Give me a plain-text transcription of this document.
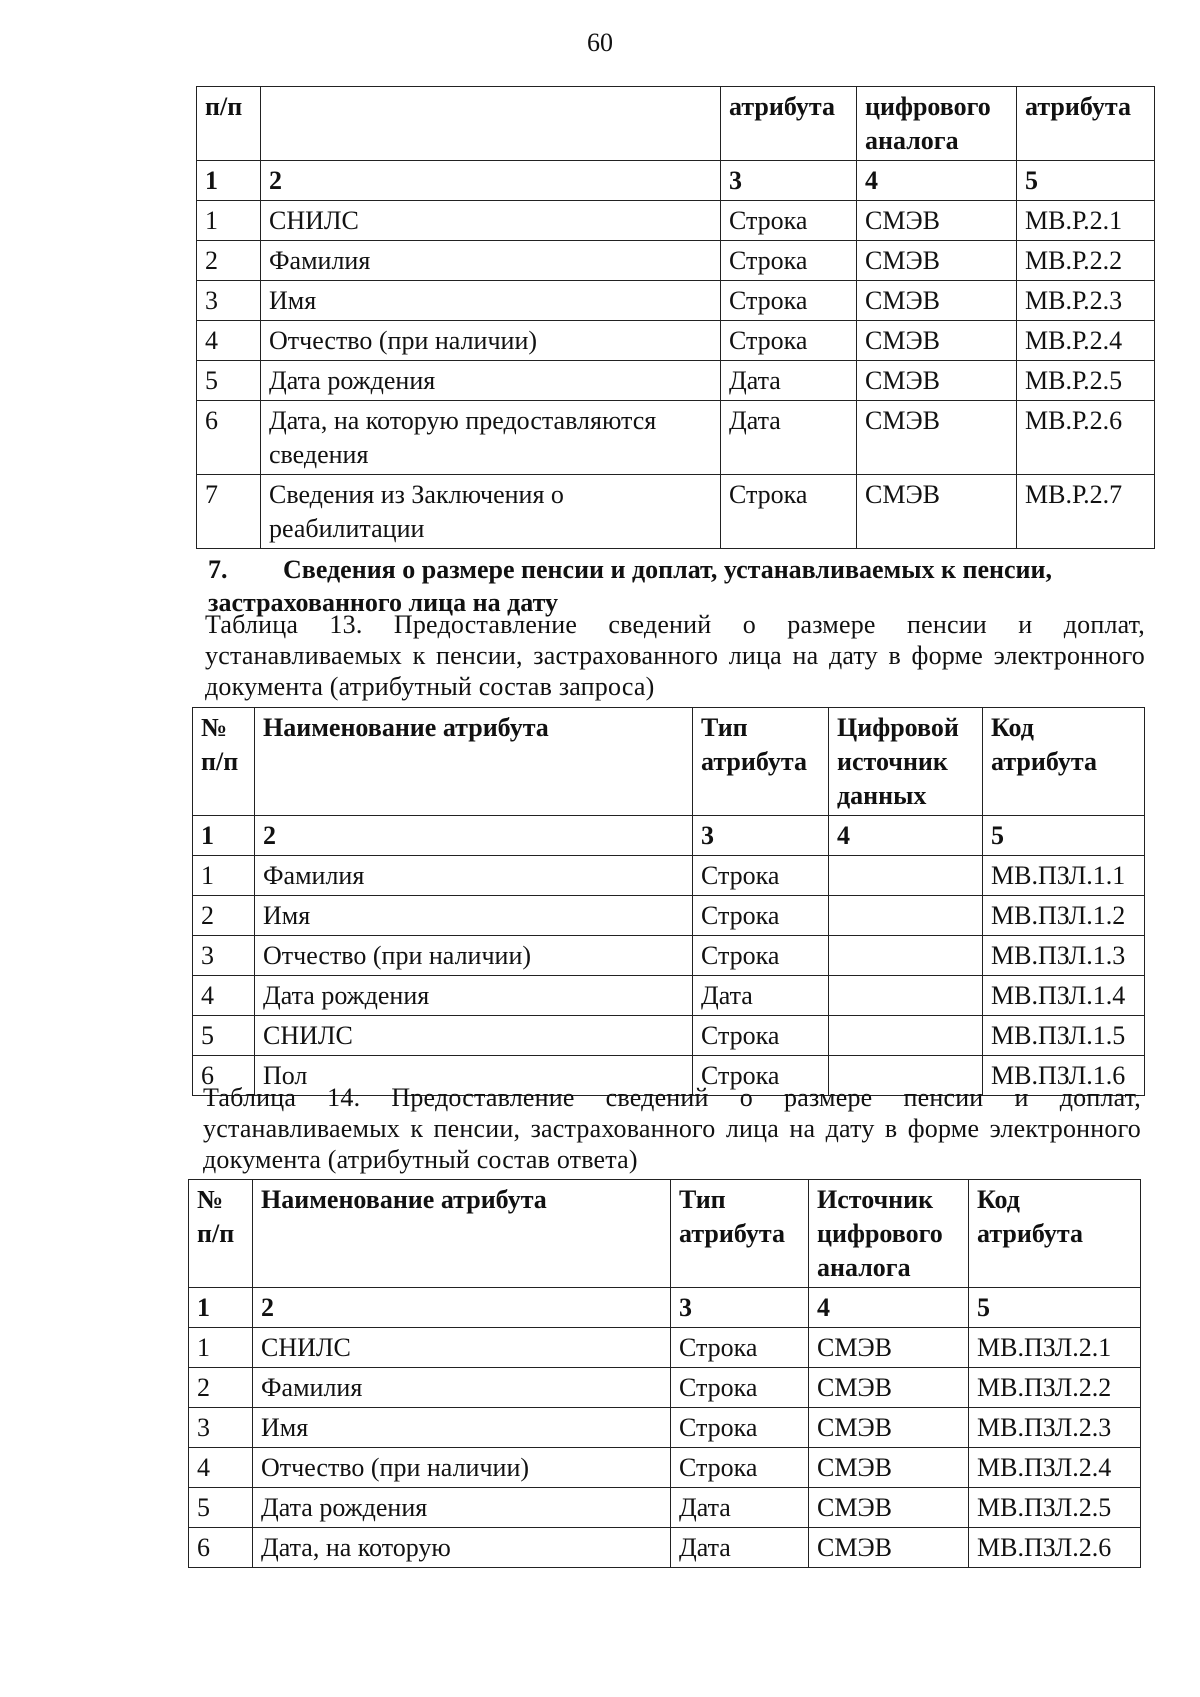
60
п/п		атрибута	цифрового аналога	атрибута
1	2	3	4	5
1	СНИЛС	Строка	СМЭВ	МВ.Р.2.1
2	Фамилия	Строка	СМЭВ	МВ.Р.2.2
3	Имя	Строка	СМЭВ	МВ.Р.2.3
4	Отчество (при наличии)	Строка	СМЭВ	МВ.Р.2.4
5	Дата рождения	Дата	СМЭВ	МВ.Р.2.5
6	Дата, на которую предоставляются сведения	Дата	СМЭВ	МВ.Р.2.6
7	Сведения из Заключения о реабилитации	Строка	СМЭВ	МВ.Р.2.7
7. Сведения о размере пенсии и доплат, устанавливаемых к пенсии, застрахованного лица на дату
Таблица 13. Предоставление сведений о размере пенсии и доплат, устанавливаемых к пенсии, застрахованного лица на дату в форме электронного документа (атрибутный состав запроса)
№ п/п	Наименование атрибута	Тип атрибута	Цифровой источник данных	Код атрибута
1	2	3	4	5
1	Фамилия	Строка		МВ.ПЗЛ.1.1
2	Имя	Строка		МВ.ПЗЛ.1.2
3	Отчество (при наличии)	Строка		МВ.ПЗЛ.1.3
4	Дата рождения	Дата		МВ.ПЗЛ.1.4
5	СНИЛС	Строка		МВ.ПЗЛ.1.5
6	Пол	Строка		МВ.ПЗЛ.1.6
Таблица 14. Предоставление сведений о размере пенсии и доплат, устанавливаемых к пенсии, застрахованного лица на дату в форме электронного документа (атрибутный состав ответа)
№ п/п	Наименование атрибута	Тип атрибута	Источник цифрового аналога	Код атрибута
1	2	3	4	5
1	СНИЛС	Строка	СМЭВ	МВ.ПЗЛ.2.1
2	Фамилия	Строка	СМЭВ	МВ.ПЗЛ.2.2
3	Имя	Строка	СМЭВ	МВ.ПЗЛ.2.3
4	Отчество (при наличии)	Строка	СМЭВ	МВ.ПЗЛ.2.4
5	Дата рождения	Дата	СМЭВ	МВ.ПЗЛ.2.5
6	Дата, на которую	Дата	СМЭВ	МВ.ПЗЛ.2.6
